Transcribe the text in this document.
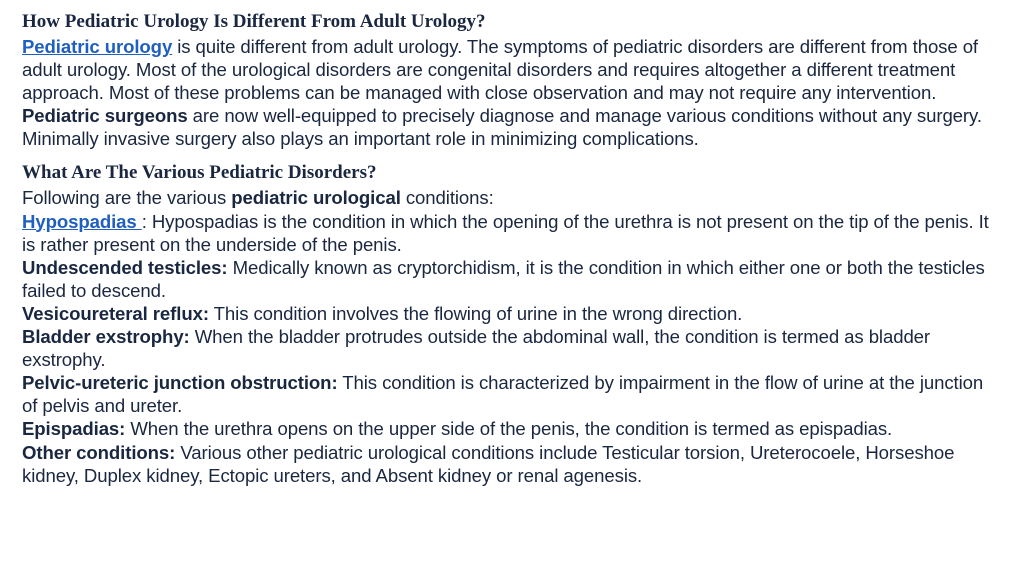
How Pediatric Urology Is Different From Adult Urology?

Pediatric urology is quite different from adult urology. The symptoms of pediatric disorders are different from those of adult urology. Most of the urological disorders are congenital disorders and requires altogether a different treatment approach. Most of these problems can be managed with close observation and may not require any intervention. Pediatric surgeons are now well-equipped to precisely diagnose and manage various conditions without any surgery. Minimally invasive surgery also plays an important role in minimizing complications.

What Are The Various Pediatric Disorders?

Following are the various pediatric urological conditions:

Hypospadias : Hypospadias is the condition in which the opening of the urethra is not present on the tip of the penis. It is rather present on the underside of the penis.

Undescended testicles: Medically known as cryptorchidism, it is the condition in which either one or both the testicles failed to descend.

Vesicoureteral reflux: This condition involves the flowing of urine in the wrong direction.

Bladder exstrophy: When the bladder protrudes outside the abdominal wall, the condition is termed as bladder exstrophy.

Pelvic-ureteric junction obstruction: This condition is characterized by impairment in the flow of urine at the junction of pelvis and ureter.

Epispadias: When the urethra opens on the upper side of the penis, the condition is termed as epispadias.

Other conditions: Various other pediatric urological conditions include Testicular torsion, Ureterocoele, Horseshoe kidney, Duplex kidney, Ectopic ureters, and Absent kidney or renal agenesis.
